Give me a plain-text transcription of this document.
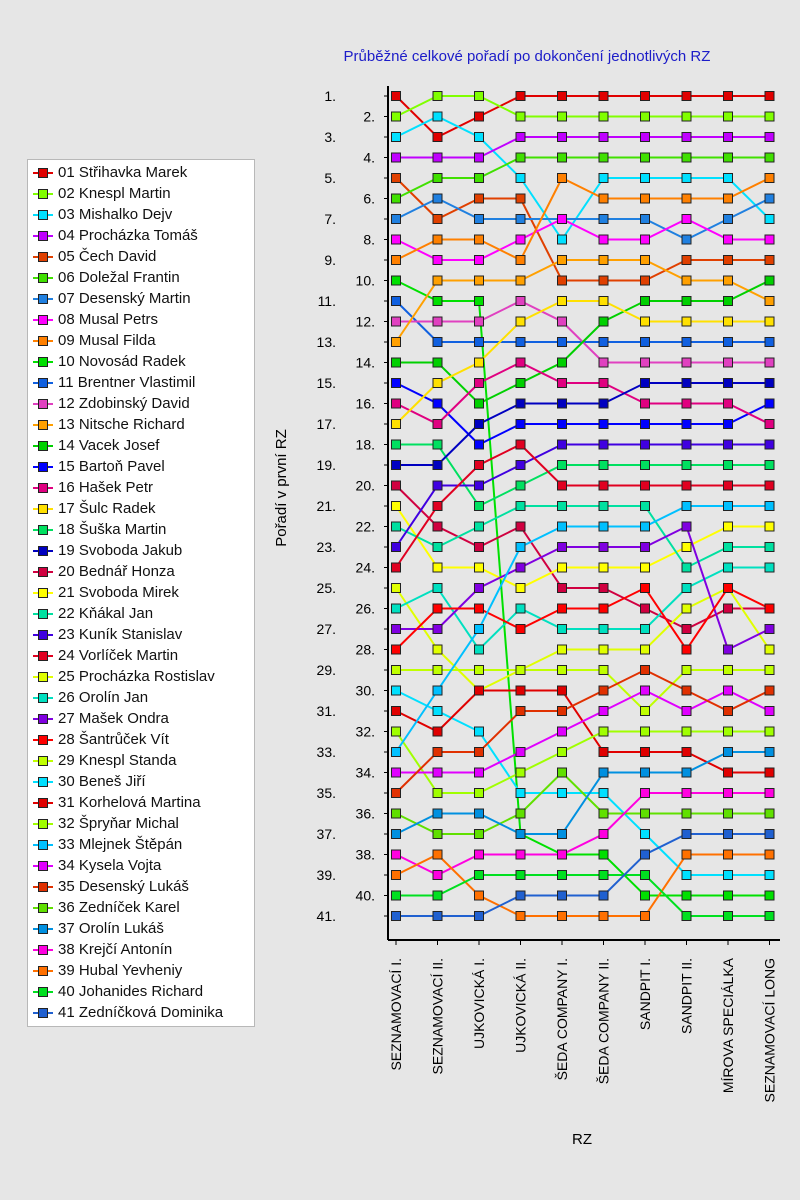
Průběžné celkové pořadí po dokončení jednotlivých RZ
01 Střihavka Marek
02 Knespl Martin
03 Mishalko Dejv
04 Procházka Tomáš
05 Čech David
06 Doležal Frantin
07 Desenský Martin
08 Musal Petrs
09 Musal Filda
10 Novosád Radek
11 Brentner Vlastimil
12 Zdobinský David
13 Nitsche Richard
14 Vacek Josef
15 Bartoň Pavel
16 Hašek Petr
17 Šulc Radek
18 Šuška Martin
19 Svoboda Jakub
20 Bednář Honza
21 Svoboda Mirek
22 Kňákal Jan
23 Kuník Stanislav
24 Vorlíček Martin
25 Procházka Rostislav
26 Orolín Jan
27 Mašek Ondra
28 Šantrůček Vít
29 Knespl Standa
30 Beneš Jiří
31 Korhelová Martina
32 Špryňar Michal
33 Mlejnek Štěpán
34 Kysela Vojta
35 Desenský Lukáš
36 Zedníček Karel
37 Orolín Lukáš
38 Krejčí Antonín
39 Hubal Yevheniy
40 Johanides Richard
41 Zedníčková Dominika
1.
2.
3.
4.
5.
6.
7.
8.
9.
10.
11.
12.
13.
14.
15.
16.
17.
18.
19.
20.
21.
22.
23.
24.
25.
26.
27.
28.
29.
30.
31.
32.
33.
34.
35.
36.
37.
38.
39.
40.
41.
SEZNAMOVACÍ I. SEZNAMOVACÍ II. UJKOVICKÁ I. UJKOVICKÁ II. ŠEDA COMPANY I. ŠEDA COMPANY II. SANDPIT I. SANDPIT II. MÍROVA SPECIÁLKA SEZNAMOVACÍ LONG
RZ
Pořadí v první RZ
